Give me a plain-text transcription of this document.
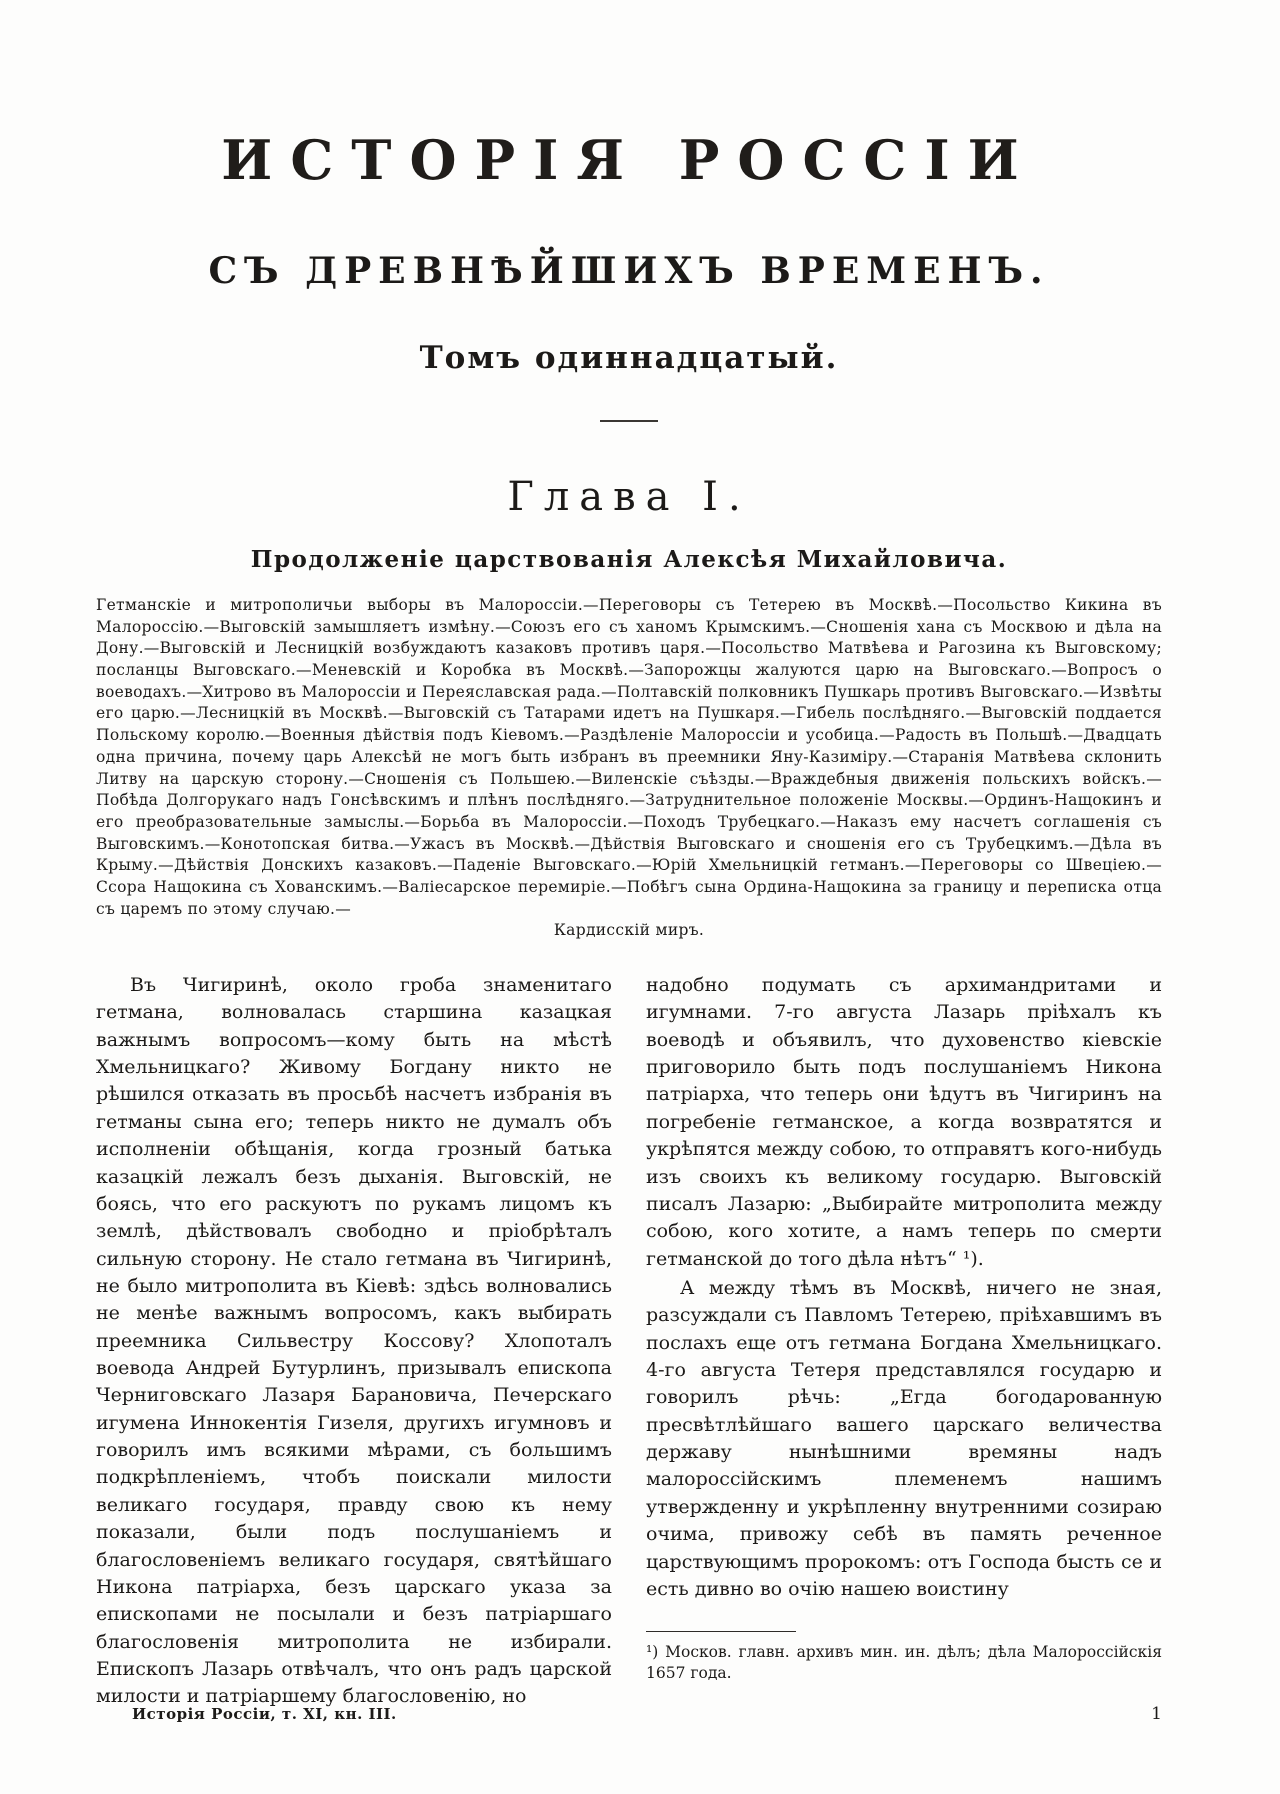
ИСТОРІЯ РОССІИ
СЪ ДРЕВНѢЙШИХЪ ВРЕМЕНЪ.
Томъ одиннадцатый.
Глава I.
Продолженіе царствованія Алексѣя Михайловича.
Гетманскіе и митрополичьи выборы въ Малороссіи.—Переговоры съ Тетерею въ Москвѣ.—Посольство Кикина въ Малороссію.—Выговскій замышляетъ измѣну.—Союзъ его съ ханомъ Крымскимъ.—Сношенія хана съ Москвою и дѣла на Дону.—Выговскій и Лесницкій возбуждаютъ казаковъ противъ царя.—Посольство Матвѣева и Рагозина къ Выговскому; посланцы Выговскаго.—Меневскій и Коробка въ Москвѣ.—Запорожцы жалуются царю на Выговскаго.—Вопросъ о воеводахъ.—Хитрово въ Малороссіи и Переяславская рада.—Полтавскій полковникъ Пушкарь противъ Выговскаго.—Извѣты его царю.—Лесницкій въ Москвѣ.—Выговскій съ Татарами идетъ на Пушкаря.—Гибель послѣдняго.—Выговскій поддается Польскому королю.—Военныя дѣйствія подъ Кіевомъ.—Раздѣленіе Малороссіи и усобица.—Радость въ Польшѣ.—Двадцать одна причина, почему царь Алексѣй не могъ быть избранъ въ преемники Яну-Казиміру.—Старанія Матвѣева склонить Литву на царскую сторону.—Сношенія съ Польшею.—Виленскіе съѣзды.—Враждебныя движенія польскихъ войскъ.—Побѣда Долгорукаго надъ Гонсѣвскимъ и плѣнъ послѣдняго.—Затруднительное положеніе Москвы.—Ординъ-Нащокинъ и его преобразовательные замыслы.—Борьба въ Малороссіи.—Походъ Трубецкаго.—Наказъ ему насчетъ соглашенія съ Выговскимъ.—Конотопская битва.—Ужасъ въ Москвѣ.—Дѣйствія Выговскаго и сношенія его съ Трубецкимъ.—Дѣла въ Крыму.—Дѣйствія Донскихъ казаковъ.—Паденіе Выговскаго.—Юрій Хмельницкій гетманъ.—Переговоры со Швеціею.—Ссора Нащокина съ Хованскимъ.—Валіесарское перемиріе.—Побѣгъ сына Ордина-Нащокина за границу и переписка отца съ царемъ по этому случаю.—
Кардисскій миръ.

Въ Чигиринѣ, около гроба знаменитаго гетмана, волновалась старшина казацкая важнымъ вопросомъ—кому быть на мѣстѣ Хмельницкаго? Живому Богдану никто не рѣшился отказать въ просьбѣ насчетъ избранія въ гетманы сына его; теперь никто не думалъ объ исполненіи обѣщанія, когда грозный батька казацкій лежалъ безъ дыханія. Выговскій, не боясь, что его раскуютъ по рукамъ лицомъ къ землѣ, дѣйствовалъ свободно и пріобрѣталъ сильную сторону. Не стало гетмана въ Чигиринѣ, не было митрополита въ Кіевѣ: здѣсь волновались не менѣе важнымъ вопросомъ, какъ выбирать преемника Сильвестру Коссову? Хлопоталъ воевода Андрей Бутурлинъ, призывалъ епископа Черниговскаго Лазаря Барановича, Печерскаго игумена Иннокентія Гизеля, другихъ игумновъ и говорилъ имъ всякими мѣрами, съ большимъ подкрѣпленіемъ, чтобъ поискали милости великаго государя, правду свою къ нему показали, были подъ послушаніемъ и благословеніемъ великаго государя, святѣйшаго Никона патріарха, безъ царскаго указа за епископами не посылали и безъ патріаршаго благословенія митрополита не избирали. Епископъ Лазарь отвѣчалъ, что онъ радъ царской милости и патріаршему благословенію, но

надобно подумать съ архимандритами и игумнами. 7-го августа Лазарь пріѣхалъ къ воеводѣ и объявилъ, что духовенство кіевскіе приговорило быть подъ послушаніемъ Никона патріарха, что теперь они ѣдутъ въ Чигиринъ на погребеніе гетманское, а когда возвратятся и укрѣпятся между собою, то отправятъ кого-нибудь изъ своихъ къ великому государю. Выговскій писалъ Лазарю: „Выбирайте митрополита между собою, кого хотите, а намъ теперь по смерти гетманской до того дѣла нѣтъ“ ¹).

А между тѣмъ въ Москвѣ, ничего не зная, разсуждали съ Павломъ Тетерею, пріѣхавшимъ въ послахъ еще отъ гетмана Богдана Хмельницкаго. 4-го августа Тетеря представлялся государю и говорилъ рѣчь: „Егда богодарованную пресвѣтлѣйшаго вашего царскаго величества державу нынѣшними времяны надъ малороссійскимъ племенемъ нашимъ утвержденну и укрѣпленну внутренними созираю очима, привожу себѣ въ память реченное царствующимъ пророкомъ: отъ Господа бысть се и есть дивно во очію нашею воистину

¹) Москов. главн. архивъ мин. ин. дѣлъ; дѣла Малороссійскія 1657 года.
Исторія Россіи, т. XI, кн. III.	1
